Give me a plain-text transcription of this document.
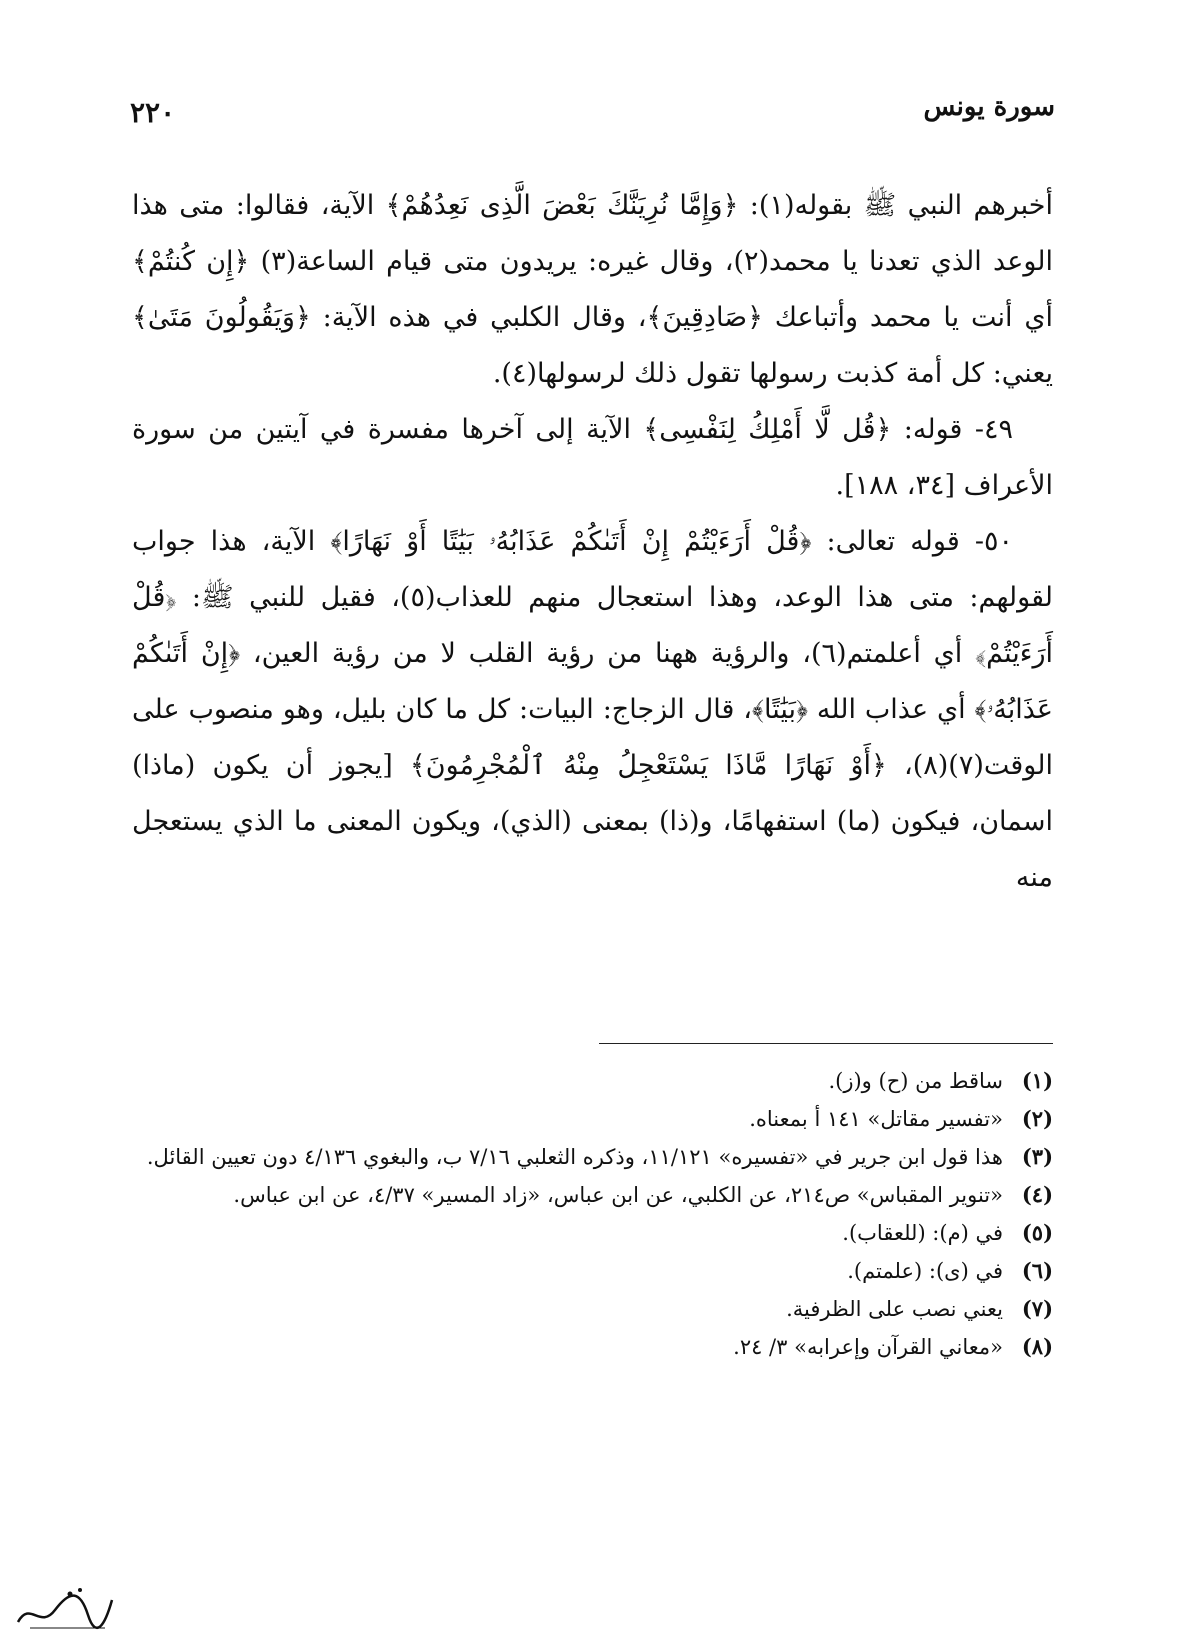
سورة يونس
٢٢٠

أخبرهم النبي ﷺ بقوله(١): ﴿وَإِمَّا نُرِيَنَّكَ بَعْضَ الَّذِى نَعِدُهُمْ﴾ الآية، فقالوا: متى هذا الوعد الذي تعدنا يا محمد(٢)، وقال غيره: يريدون متى قيام الساعة(٣) ﴿إِن كُنتُمْ﴾ أي أنت يا محمد وأتباعك ﴿صَادِقِينَ﴾، وقال الكلبي في هذه الآية: ﴿وَيَقُولُونَ مَتَىٰ﴾ يعني: كل أمة كذبت رسولها تقول ذلك لرسولها(٤).

٤٩- قوله: ﴿قُل لَّا أَمْلِكُ لِنَفْسِى﴾ الآية إلى آخرها مفسرة في آيتين من سورة الأعراف [٣٤، ١٨٨].

٥٠- قوله تعالى: ﴿قُلْ أَرَءَيْتُمْ إِنْ أَتَىٰكُمْ عَذَابُهُۥ بَيَٰتًا أَوْ نَهَارًا﴾ الآية، هذا جواب لقولهم: متى هذا الوعد، وهذا استعجال منهم للعذاب(٥)، فقيل للنبي ﷺ: ﴿قُلْ أَرَءَيْتُمْ﴾ أي أعلمتم(٦)، والرؤية ههنا من رؤية القلب لا من رؤية العين، ﴿إِنْ أَتَىٰكُمْ عَذَابُهُۥ﴾ أي عذاب الله ﴿بَيَٰتًا﴾، قال الزجاج: البيات: كل ما كان بليل، وهو منصوب على الوقت(٧)(٨)، ﴿أَوْ نَهَارًا مَّاذَا يَسْتَعْجِلُ مِنْهُ ٱلْمُجْرِمُونَ﴾ [يجوز أن يكون (ماذا) اسمان، فيكون (ما) استفهامًا، و(ذا) بمعنى (الذي)، ويكون المعنى ما الذي يستعجل منه

(١)
ساقط من (ح) و(ز).
(٢)
«تفسير مقاتل» ١٤١ أ بمعناه.
(٣)
هذا قول ابن جرير في «تفسيره» ١١/١٢١، وذكره الثعلبي ٧/١٦ ب، والبغوي ٤/١٣٦ دون تعيين القائل.
(٤)
«تنوير المقباس» ص٢١٤، عن الكلبي، عن ابن عباس، «زاد المسير» ٤/٣٧، عن ابن عباس.
(٥)
في (م): (للعقاب).
(٦)
في (ى): (علمتم).
(٧)
يعني نصب على الظرفية.
(٨)
«معاني القرآن وإعرابه» ٣/ ٢٤.
